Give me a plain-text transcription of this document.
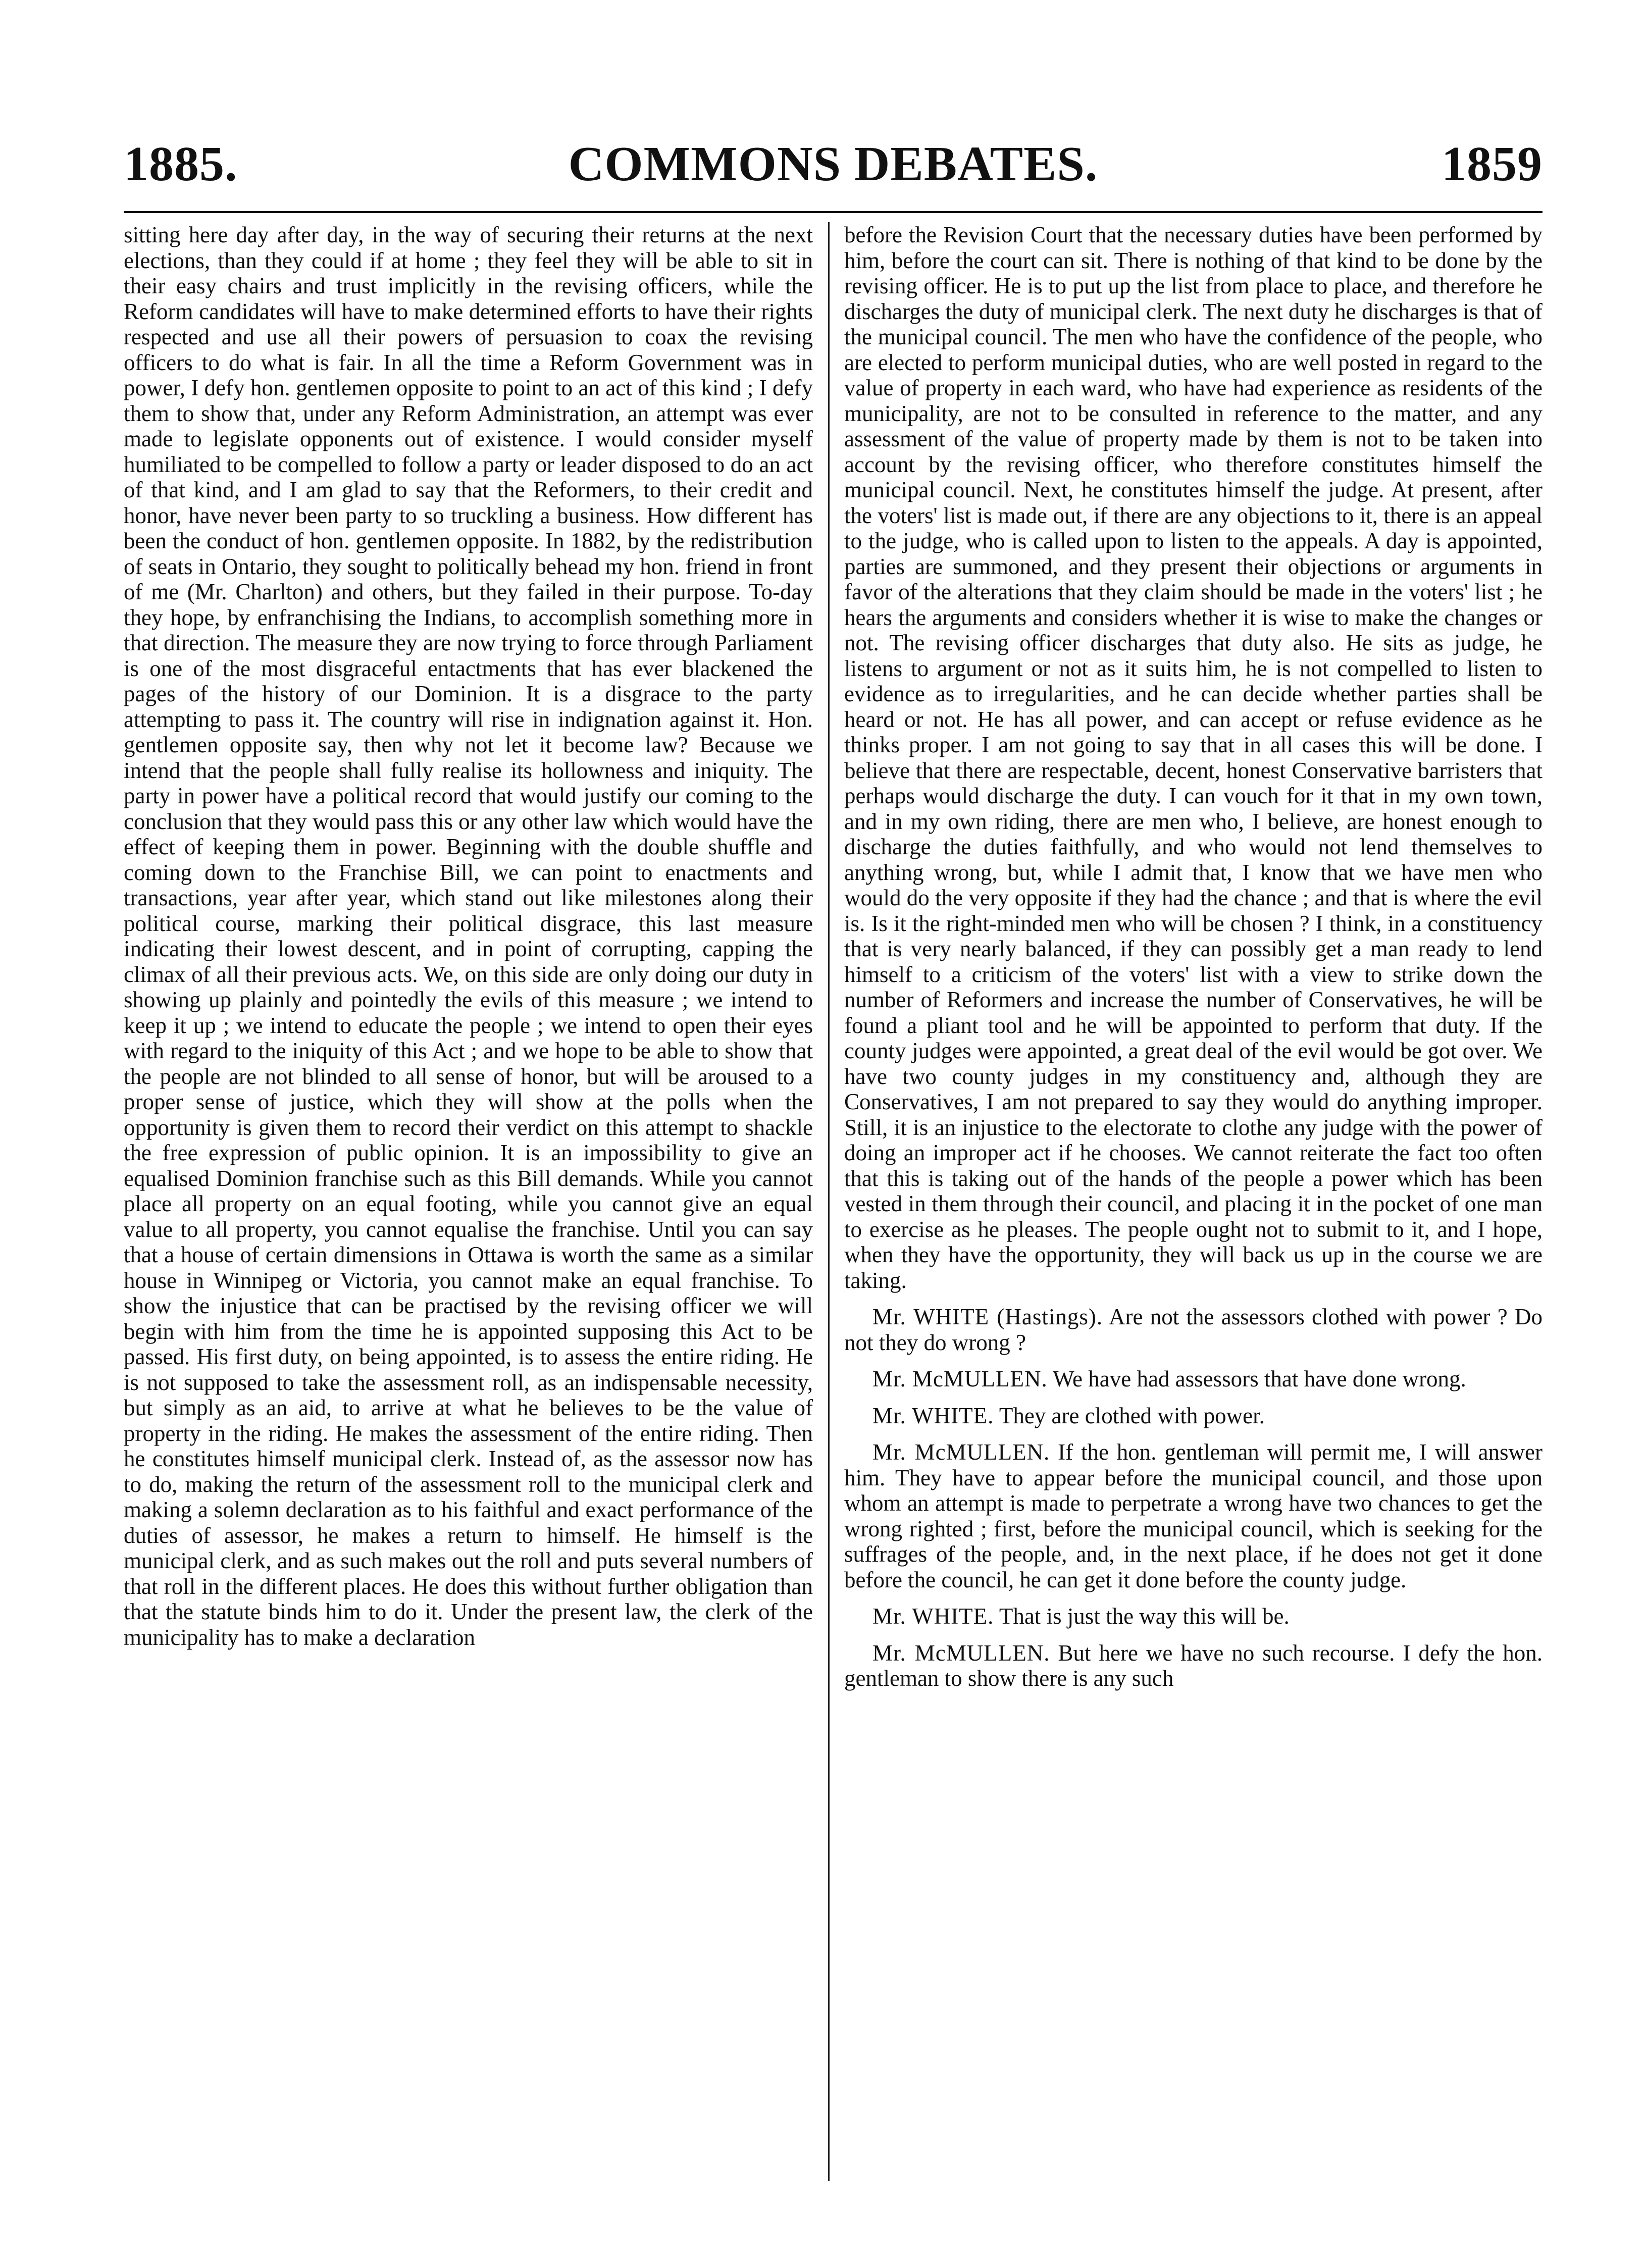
1885.	COMMONS DEBATES.	1859

sitting here day after day, in the way of securing their returns at the next elections, than they could if at home ; they feel they will be able to sit in their easy chairs and trust implicitly in the revising officers, while the Reform candidates will have to make determined efforts to have their rights respected and use all their powers of persuasion to coax the revising officers to do what is fair. In all the time a Reform Government was in power, I defy hon. gentlemen opposite to point to an act of this kind ; I defy them to show that, under any Reform Administration, an attempt was ever made to legislate opponents out of existence. I would consider myself humiliated to be compelled to follow a party or leader disposed to do an act of that kind, and I am glad to say that the Reformers, to their credit and honor, have never been party to so truckling a business. How different has been the conduct of hon. gentlemen opposite. In 1882, by the redistribution of seats in Ontario, they sought to politically behead my hon. friend in front of me (Mr. Charlton) and others, but they failed in their purpose. To-day they hope, by enfranchising the Indians, to accomplish something more in that direction. The measure they are now trying to force through Parliament is one of the most disgraceful entactments that has ever blackened the pages of the history of our Dominion. It is a disgrace to the party attempting to pass it. The country will rise in indignation against it. Hon. gentlemen opposite say, then why not let it become law? Because we intend that the people shall fully realise its hollowness and iniquity. The party in power have a political record that would justify our coming to the conclusion that they would pass this or any other law which would have the effect of keeping them in power. Beginning with the double shuffle and coming down to the Franchise Bill, we can point to enactments and transactions, year after year, which stand out like milestones along their political course, marking their political disgrace, this last measure indicating their lowest descent, and in point of corrupting, capping the climax of all their previous acts. We, on this side are only doing our duty in showing up plainly and pointedly the evils of this measure ; we intend to keep it up ; we intend to educate the people ; we intend to open their eyes with regard to the iniquity of this Act ; and we hope to be able to show that the people are not blinded to all sense of honor, but will be aroused to a proper sense of justice, which they will show at the polls when the opportunity is given them to record their verdict on this attempt to shackle the free expression of public opinion. It is an impossibility to give an equalised Dominion franchise such as this Bill demands. While you cannot place all property on an equal footing, while you cannot give an equal value to all property, you cannot equalise the franchise. Until you can say that a house of certain dimensions in Ottawa is worth the same as a similar house in Winnipeg or Victoria, you cannot make an equal franchise. To show the injustice that can be practised by the revising officer we will begin with him from the time he is appointed supposing this Act to be passed. His first duty, on being appointed, is to assess the entire riding. He is not supposed to take the assessment roll, as an indispensable necessity, but simply as an aid, to arrive at what he believes to be the value of property in the riding. He makes the assessment of the entire riding. Then he constitutes himself municipal clerk. Instead of, as the assessor now has to do, making the return of the assessment roll to the municipal clerk and making a solemn declaration as to his faithful and exact performance of the duties of assessor, he makes a return to himself. He himself is the municipal clerk, and as such makes out the roll and puts several numbers of that roll in the different places. He does this without further obligation than that the statute binds him to do it. Under the present law, the clerk of the municipality has to make a declaration

before the Revision Court that the necessary duties have been performed by him, before the court can sit. There is nothing of that kind to be done by the revising officer. He is to put up the list from place to place, and therefore he discharges the duty of municipal clerk. The next duty he discharges is that of the municipal council. The men who have the confidence of the people, who are elected to perform municipal duties, who are well posted in regard to the value of property in each ward, who have had experience as residents of the municipality, are not to be consulted in reference to the matter, and any assessment of the value of property made by them is not to be taken into account by the revising officer, who therefore constitutes himself the municipal council. Next, he constitutes himself the judge. At present, after the voters' list is made out, if there are any objections to it, there is an appeal to the judge, who is called upon to listen to the appeals. A day is appointed, parties are summoned, and they present their objections or arguments in favor of the alterations that they claim should be made in the voters' list ; he hears the arguments and considers whether it is wise to make the changes or not. The revising officer discharges that duty also. He sits as judge, he listens to argument or not as it suits him, he is not compelled to listen to evidence as to irregularities, and he can decide whether parties shall be heard or not. He has all power, and can accept or refuse evidence as he thinks proper. I am not going to say that in all cases this will be done. I believe that there are respectable, decent, honest Conservative barristers that perhaps would discharge the duty. I can vouch for it that in my own town, and in my own riding, there are men who, I believe, are honest enough to discharge the duties faithfully, and who would not lend themselves to anything wrong, but, while I admit that, I know that we have men who would do the very opposite if they had the chance ; and that is where the evil is. Is it the right-minded men who will be chosen ? I think, in a constituency that is very nearly balanced, if they can possibly get a man ready to lend himself to a criticism of the voters' list with a view to strike down the number of Reformers and increase the number of Conservatives, he will be found a pliant tool and he will be appointed to perform that duty. If the county judges were appointed, a great deal of the evil would be got over. We have two county judges in my constituency and, although they are Conservatives, I am not prepared to say they would do anything improper. Still, it is an injustice to the electorate to clothe any judge with the power of doing an improper act if he chooses. We cannot reiterate the fact too often that this is taking out of the hands of the people a power which has been vested in them through their council, and placing it in the pocket of one man to exercise as he pleases. The people ought not to submit to it, and I hope, when they have the opportunity, they will back us up in the course we are taking.

Mr. WHITE (Hastings). Are not the assessors clothed with power ? Do not they do wrong ?

Mr. McMULLEN. We have had assessors that have done wrong.

Mr. WHITE. They are clothed with power.

Mr. McMULLEN. If the hon. gentleman will permit me, I will answer him. They have to appear before the municipal council, and those upon whom an attempt is made to perpetrate a wrong have two chances to get the wrong righted ; first, before the municipal council, which is seeking for the suffrages of the people, and, in the next place, if he does not get it done before the council, he can get it done before the county judge.

Mr. WHITE. That is just the way this will be.

Mr. McMULLEN. But here we have no such recourse. I defy the hon. gentleman to show there is any such
